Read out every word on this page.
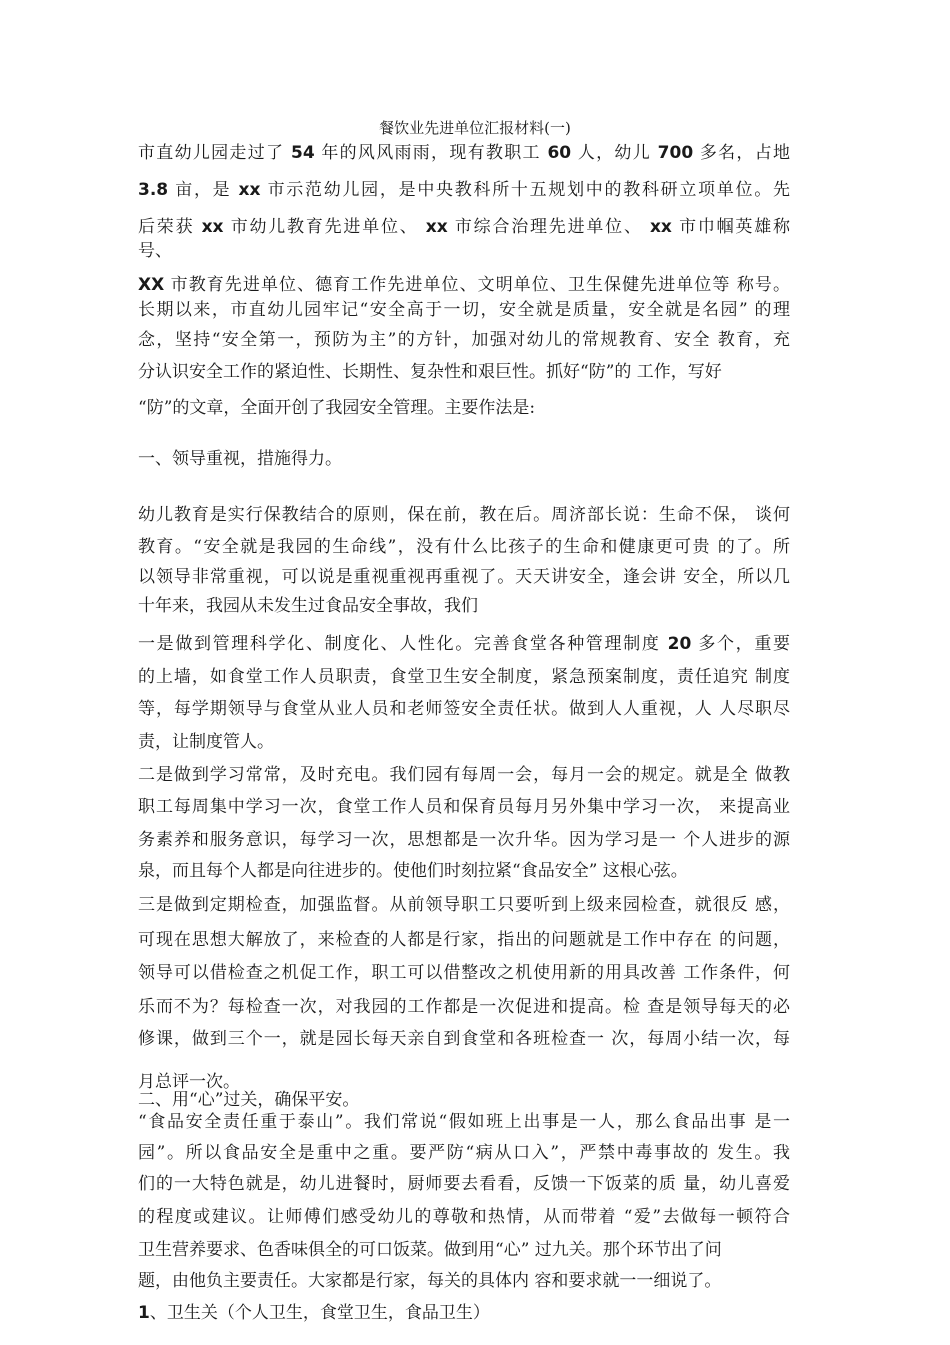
餐饮业先进单位汇报材料(一)
市直幼儿园走过了 54 年的风风雨雨，现有教职工 60 人，幼儿 700 多名，占地
3.8 亩，是 xx 市示范幼儿园，是中央教科所十五规划中的教科研立项单位。先
后荣获 xx 市幼儿教育先进单位、 xx 市综合治理先进单位、 xx 市巾帼英雄称
号、
XX 市教育先进单位、德育工作先进单位、文明单位、卫生保健先进单位等 称号。
长期以来，市直幼儿园牢记“安全高于一切，安全就是质量，安全就是名园” 的理
念，坚持“安全第一，预防为主”的方针，加强对幼儿的常规教育、安全 教育，充
分认识安全工作的紧迫性、长期性、复杂性和艰巨性。抓好“防”的 工作，写好
“防”的文章，全面开创了我园安全管理。主要作法是:
一、领导重视，措施得力。
幼儿教育是实行保教结合的原则，保在前，教在后。周济部长说：生命不保， 谈何
教育。“安全就是我园的生命线”，没有什么比孩子的生命和健康更可贵 的了。所
以领导非常重视，可以说是重视重视再重视了。天天讲安全，逢会讲 安全，所以几
十年来，我园从未发生过食品安全事故，我们
一是做到管理科学化、制度化、人性化。完善食堂各种管理制度 20 多个，重要
的上墙，如食堂工作人员职责，食堂卫生安全制度，紧急预案制度，责任追究 制度
等，每学期领导与食堂从业人员和老师签安全责任状。做到人人重视，人 人尽职尽
责，让制度管人。
二是做到学习常常，及时充电。我们园有每周一会，每月一会的规定。就是全 做教
职工每周集中学习一次，食堂工作人员和保育员每月另外集中学习一次， 来提高业
务素养和服务意识，每学习一次，思想都是一次升华。因为学习是一 个人进步的源
泉，而且每个人都是向往进步的。使他们时刻拉紧“食品安全” 这根心弦。
三是做到定期检查，加强监督。从前领导职工只要听到上级来园检查，就很反 感，
可现在思想大解放了，来检查的人都是行家，指出的问题就是工作中存在 的问题，
领导可以借检查之机促工作，职工可以借整改之机使用新的用具改善 工作条件，何
乐而不为？每检查一次，对我园的工作都是一次促进和提高。检 查是领导每天的必
修课，做到三个一，就是园长每天亲自到食堂和各班检查一 次，每周小结一次，每
月总评一次。
二、用“心”过关，确保平安。
“食品安全责任重于泰山”。我们常说“假如班上出事是一人，那么食品出事 是一
园”。所以食品安全是重中之重。要严防“病从口入”，严禁中毒事故的 发生。我
们的一大特色就是，幼儿进餐时，厨师要去看看，反馈一下饭菜的质 量，幼儿喜爱
的程度或建议。让师傅们感受幼儿的尊敬和热情，从而带着 “爱”去做每一顿符合
卫生营养要求、色香味俱全的可口饭菜。做到用“心” 过九关。那个环节出了问
题，由他负主要责任。大家都是行家，每关的具体内 容和要求就一一细说了。
1、卫生关（个人卫生，食堂卫生，食品卫生）
